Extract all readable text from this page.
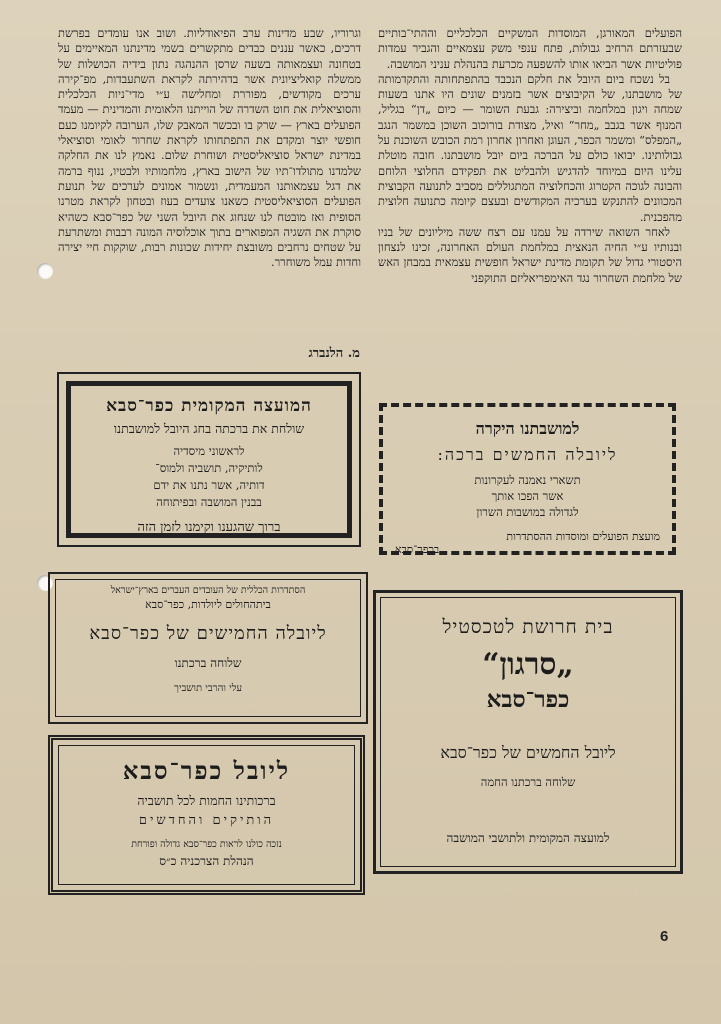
הפועלים המאורגן, המוסדות המשקיים הכלכליים וההתי־בותיים שבעזרתם הרחיב גבולות, פתח ענפי משק עצמאיים והגביר עמדות פוליטיות אשר הביאו אותו להשפעה מכרעת בהנהלת עניני המושבה.

בל נשכח ביום היובל את חלקם הנכבד בהתפתחותה והתקדמותה של מושבתנו, של הקיבוצים אשר בזמנים שונים היו אתנו בשעות שמחה ויגון במלחמה וביצירה: גבעת השומר — כיום „דן“ בגליל, המנוף אשר בגבב „מחר“ ואיל, מצודת בורוכוב השוכן במשמר הנגב „המפלס“ ומשמר הכפר, העוגן ואחרון אחרון רמת הכובש השוכנת על גבולותינו. יבואו כולם על הברכה ביום יובל מושבתנו. חובה מוטלת עלינו היום במיוחד להדגיש ולהבליט את תפקידם החלוצי הלוחם והבונה לגוכה הקטרוג והכחלוציה המתגוללים מסביב לתנועה הקבוצית המכוונים להתנקש בערכיה המקודשים ובעצם קיומה כתנועה חלוצית מהפכנית.

לאחר השואה שירדה על עמנו עם רצח ששה מיליונים של בניו ובנותיו ע״י החיה הנאצית במלחמת העולם האחרונה, זכינו לנצחון היסטורי גדול של תקומת מדינת ישראל חופשית עצמאית במבחן האש של מלחמת השחרור נגד האימפריאליזם התוקפני

וגרוריו, שבע מדינות ערב הפיאודליות. ושוב אנו עומדים בפרשת דרכים, כאשר עננים כבדים מתקשרים בשמי מדינתנו המאיימים על בטחונה ועצמאותה בשעה שרסן ההנהגה נתון בידיה הכושלות של ממשלה קואליציונית אשר בדהירתה לקראת השתעבדות, מפ־קירה ערכים מקודשים, מפוררת ומחלישה ע״י מדי־ניות הכלכלית והסוציאלית את חוט השדרה של הוייתנו הלאומית והמדינית — מעמד הפועלים בארץ — שרק בו ובכשר המאבק שלו, הערובה לקיומנו כעם חופשי יוצר ומקדם את התפתחותו לקראת שחרור לאומי וסוציאלי במדינת ישראל סוציאליסטית ושוחרת שלום. נאמץ לנו את החלקה שלמדנו מתולדו־תיו של הישוב בארץ, מלחמותיו ולבטיו, ננוף ברמה את דגל עצמאותנו המעמדית, ונשמור אמונים לערכים של תנועת הפועלים הסוציאליסטית כשאנו צועדים בעוז ובטחון לקראת מטרנו הסופית ואז מובטח לנו שנחוג את היובל השני של כפר־סבא כשהיא סוקרת את השגיה המפוארים בתוך אוכלוסיה המונה רבבות ומשתרעת על שטחים נרחבים משובצת יחידות שכונות רבות, שוקקות חיי יצירה וחדות עמל משוחרר.

מ. הלנברג
המועצה המקומית כפר־סבא
שולחת את ברכתה בחג היובל למושבתנו
לראשוני מיסדיה
לותיקיה, תושביה ולמוס־
דותיה, אשר נתנו את ידם
בבנין המושבה ובפיתוחה
ברוך שהגענו וקימנו לזמן הזה
למושבתנו היקרה
ליובלה החמשים ברכה:
תשארי נאמנה לעקרונות
אשר הפכו אותך
לגדולה במושבות השרון
מועצת הפועלים ומוסדות ההסתדרות
בכפר־סבא
הסתדרות הכללית של העובדים העברים בארץ־ישראל
ביתהחולים ליולדות, כפר־סבא
ליובלה החמישים של כפר־סבא
שלוחה ברכתנו
עלי והרבי תושביך
בית חרושת לטכסטיל
„סרגון“
כפר־סבא
ליובל החמשים של כפר־סבא
שלוחה ברכתנו החמה
למועצה המקומית ולתושבי המושבה
ליובל כפר־סבא
ברכותינו החמות לכל תושביה
הותיקים והחדשים
נזכה כולנו לראות כפר־סבא גדולה ופורחת
הנהלת הצרכניה כ״ס
6
